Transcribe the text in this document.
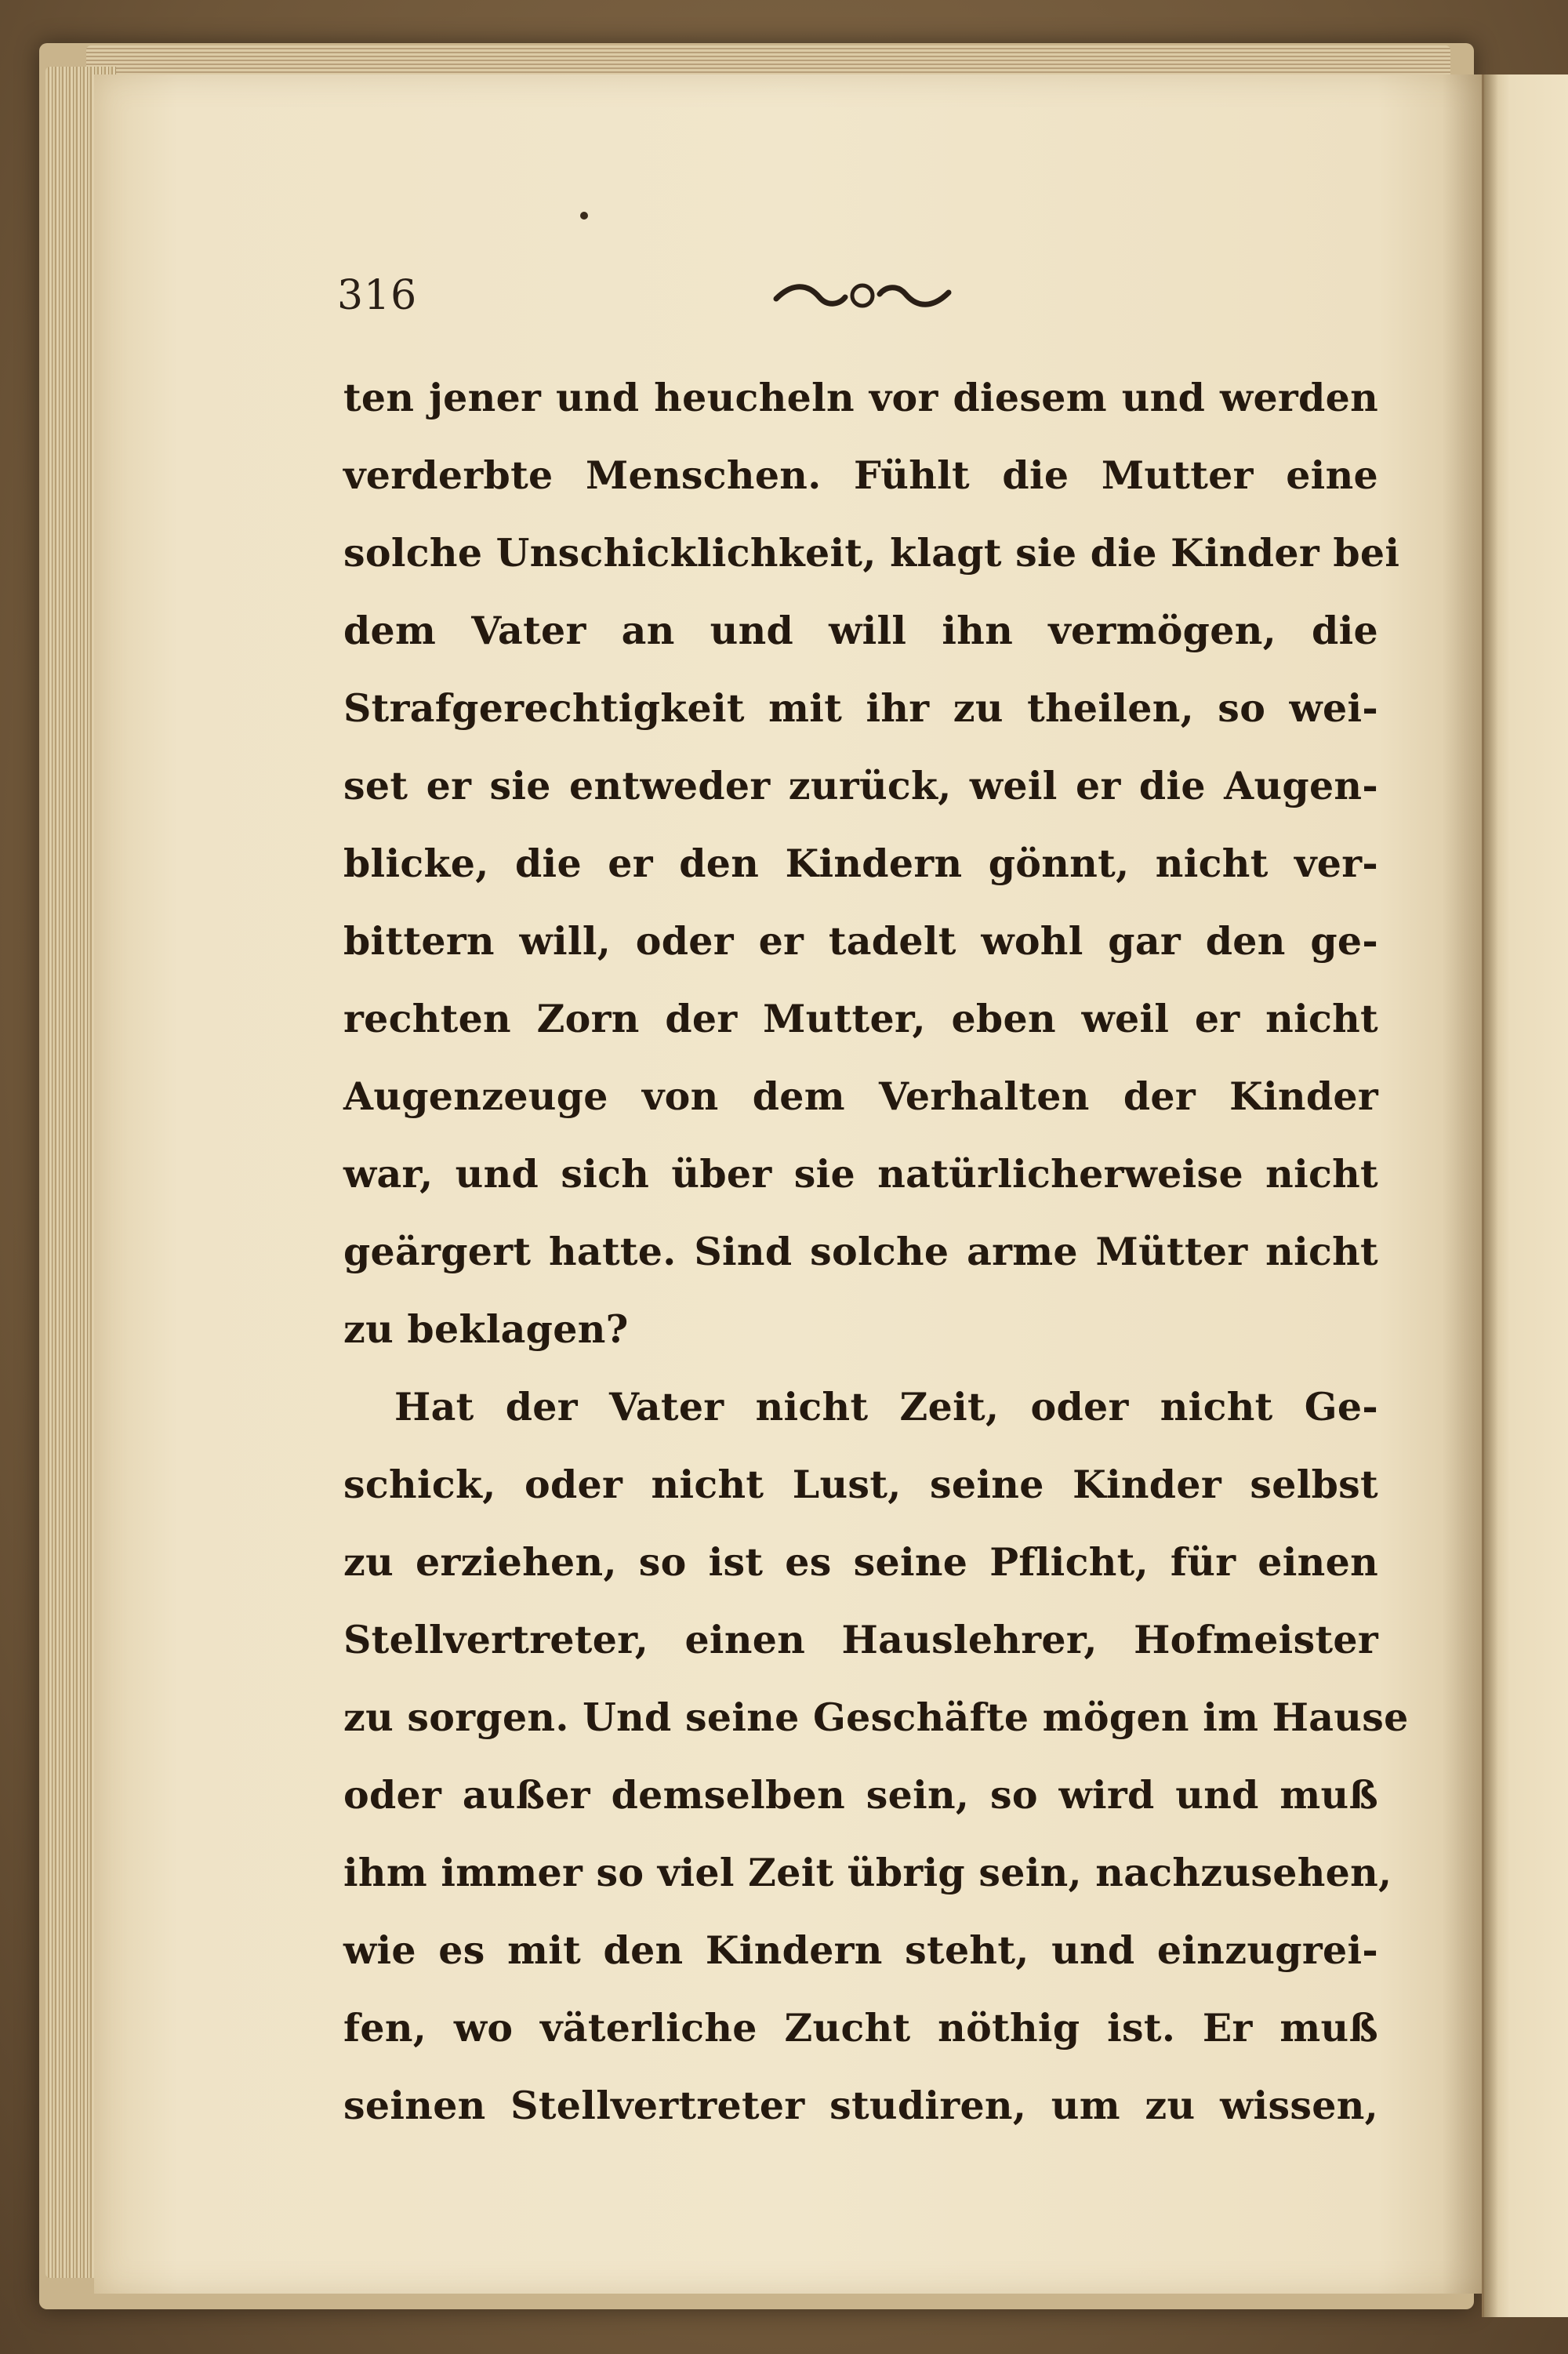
316
ten jener und heucheln vor diesem und werden
verderbte Menschen. Fühlt die Mutter eine
solche Unschicklichkeit, klagt sie die Kinder bei
dem Vater an und will ihn vermögen, die
Strafgerechtigkeit mit ihr zu theilen, so wei-
set er sie entweder zurück, weil er die Augen-
blicke, die er den Kindern gönnt, nicht ver-
bittern will, oder er tadelt wohl gar den ge-
rechten Zorn der Mutter, eben weil er nicht
Augenzeuge von dem Verhalten der Kinder
war, und sich über sie natürlicherweise nicht
geärgert hatte. Sind solche arme Mütter nicht
zu beklagen?
Hat der Vater nicht Zeit, oder nicht Ge-
schick, oder nicht Lust, seine Kinder selbst
zu erziehen, so ist es seine Pflicht, für einen
Stellvertreter, einen Hauslehrer, Hofmeister
zu sorgen. Und seine Geschäfte mögen im Hause
oder außer demselben sein, so wird und muß
ihm immer so viel Zeit übrig sein, nachzusehen,
wie es mit den Kindern steht, und einzugrei-
fen, wo väterliche Zucht nöthig ist. Er muß
seinen Stellvertreter studiren, um zu wissen,
